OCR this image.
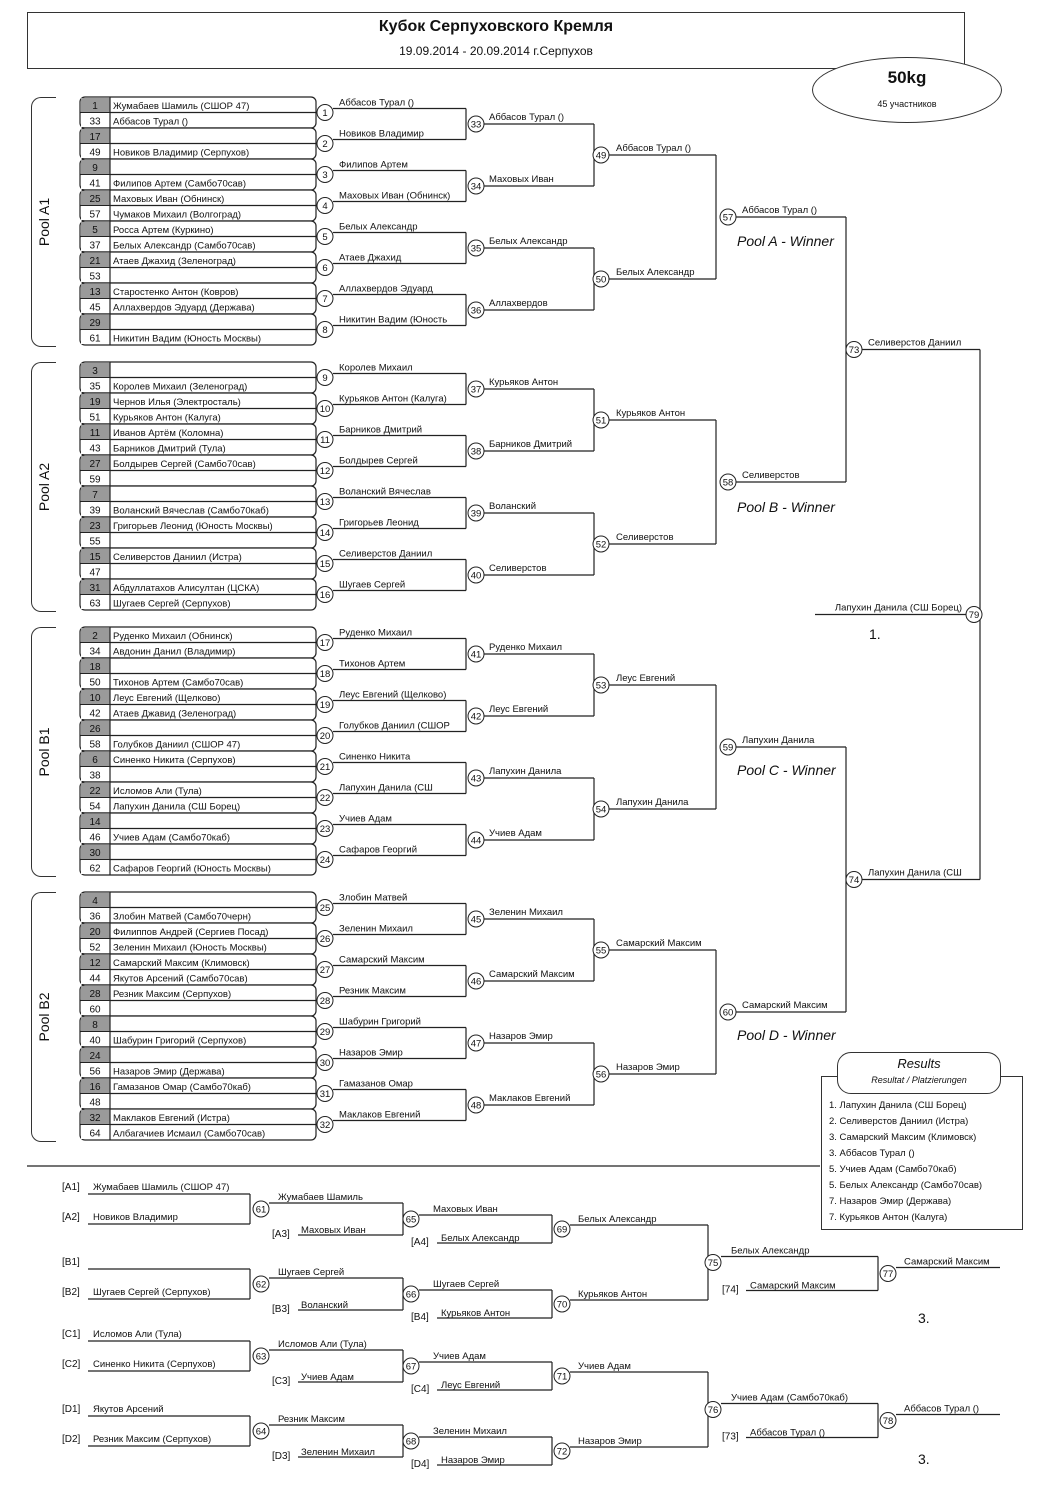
Кубок Серпуховского Кремля
19.09.2014 - 20.09.2014 г.Серпухов
50kg
45 участников
Pool A1
Pool A2
Pool B1
Pool B2
1
33
Жумабаев Шамиль (СШОР 47)
Аббасов Турал ()
1
17
49 Новиков Владимир (Серпухов)
2
9
41 Филипов Артем (Самбо70сав)
3
25
57
Маховых Иван (Обнинск)
Чумаков Михаил (Волгоград)
4
5
37
Росса Артем (Куркино)
Белых Александр (Самбо70сав)
5
21
53
Атаев Джахид (Зеленоград)
6
13
45
Старостенко Антон (Ковров)
Аллахвердов Эдуард (Держава)
7
29
61 Никитин Вадим (Юность Москвы)
8
3
35 Королев Михаил (Зеленоград)
9
19
51
Чернов Илья (Электросталь)
Курьяков Антон (Калуга)
10
11
43
Иванов Артём (Коломна)
Барников Дмитрий (Тула)
11
27
59
Болдырев Сергей (Самбо70сав)
12
7
39 Воланский Вячеслав (Самбо70каб)
13
23
55
Григорьев Леонид (Юность Москвы)
14
15
47
Селиверстов Даниил (Истра)
15
31
63
Абдуллатахов Алисултан (ЦСКА)
Шугаев Сергей (Серпухов)
16
2
34
Руденко Михаил (Обнинск)
Авдонин Данил (Владимир)
17
18
50 Тихонов Артем (Самбо70сав)
18
10
42
Леус Евгений (Щелково)
Атаев Джавид (Зеленоград)
19
26
58 Голубков Даниил (СШОР 47)
20
6
38
Синенко Никита (Серпухов)
21
22
54
Исломов Али (Тула)
Лапухин Данила (СШ Борец)
22
14
46 Учиев Адам (Самбо70каб)
23
30
62 Сафаров Георгий (Юность Москвы)
24
4
36 Злобин Матвей (Самбо70черн)
25
20
52
Филиппов Андрей (Сергиев Посад)
Зеленин Михаил (Юность Москвы)
26
12
44
Самарский Максим (Климовск)
Якутов Арсений (Самбо70сав)
27
28
60
Резник Максим (Серпухов)
28
8
40 Шабурин Григорий (Серпухов)
29
24
56 Назаров Эмир (Держава)
30
16
48
Гамазанов Омар (Самбо70каб)
31
32
64
Маклаков Евгений (Истра)
Албагачиев Исмаил (Самбо70сав)
32
Аббасов Турал ()
Новиков Владимир
Филипов Артем
Маховых Иван (Обнинск)
Белых Александр
Атаев Джахид
Аллахвердов Эдуард
Никитин Вадим (Юность
Королев Михаил
Курьяков Антон (Калуга)
Барников Дмитрий
Болдырев Сергей
Воланский Вячеслав
Григорьев Леонид
Селиверстов Даниил
Шугаев Сергей
Руденко Михаил
Тихонов Артем
Леус Евгений (Щелково)
Голубков Даниил (СШОР
Синенко Никита
Лапухин Данила (СШ
Учиев Адам
Сафаров Георгий
Злобин Матвей
Зеленин Михаил
Самарский Максим
Резник Максим
Шабурин Григорий
Назаров Эмир
Гамазанов Омар
Маклаков Евгений
33
Аббасов Турал ()
34
Маховых Иван
35
Белых Александр
36
Аллахвердов
37
Курьяков Антон
38
Барников Дмитрий
39
Воланский
40
Селиверстов
41
Руденко Михаил
42
Леус Евгений
43
Лапухин Данила
44
Учиев Адам
45
Зеленин Михаил
46
Самарский Максим
47
Назаров Эмир
48
Маклаков Евгений
49
Аббасов Турал ()
50
Белых Александр
51
Курьяков Антон
52
Селиверстов
53
Леус Евгений
54
Лапухин Данила
55
Самарский Максим
56
Назаров Эмир
57
Аббасов Турал ()
58
Селиверстов
59
Лапухин Данила
60
Самарский Максим
73
Селиверстов Даниил
74
Лапухин Данила (СШ
Лапухин Данила (СШ Борец)
79
[A1] Жумабаев Шамиль (СШОР 47)
[A2] Новиков Владимир
[B1]
[B2] Шугаев Сергей (Серпухов)
61
Жумабаев Шамиль
[A3] Маховых Иван
65
Маховых Иван
[A4] Белых Александр
69
Белых Александр
62
Шугаев Сергей
[B3] Воланский
66
Шугаев Сергей
[B4] Курьяков Антон
70
Курьяков Антон
75
Белых Александр
[74] Самарский Максим
77
Самарский Максим
[C1] Исломов Али (Тула)
[C2] Синенко Никита (Серпухов)
[D1] Якутов Арсений
[D2] Резник Максим (Серпухов)
63
Исломов Али (Тула)
[C3] Учиев Адам
67
Учиев Адам
[C4] Леус Евгений
71
Учиев Адам
64
Резник Максим
[D3] Зеленин Михаил
68
Зеленин Михаил
[D4] Назаров Эмир
72
Назаров Эмир
76
Учиев Адам (Самбо70каб)
[73] Аббасов Турал ()
78
Аббасов Турал ()
Pool A - Winner
Pool B - Winner
Pool C - Winner
Pool D - Winner
1.
3.
3.
1. Лапухин Данила (СШ Борец)
2. Селиверстов Даниил (Истра)
3. Самарский Максим (Климовск)
3. Аббасов Турал ()
5. Учиев Адам (Самбо70каб)
5. Белых Александр (Самбо70сав)
7. Назаров Эмир (Держава)
7. Курьяков Антон (Калуга)
Results
Resultat / Platzierungen
